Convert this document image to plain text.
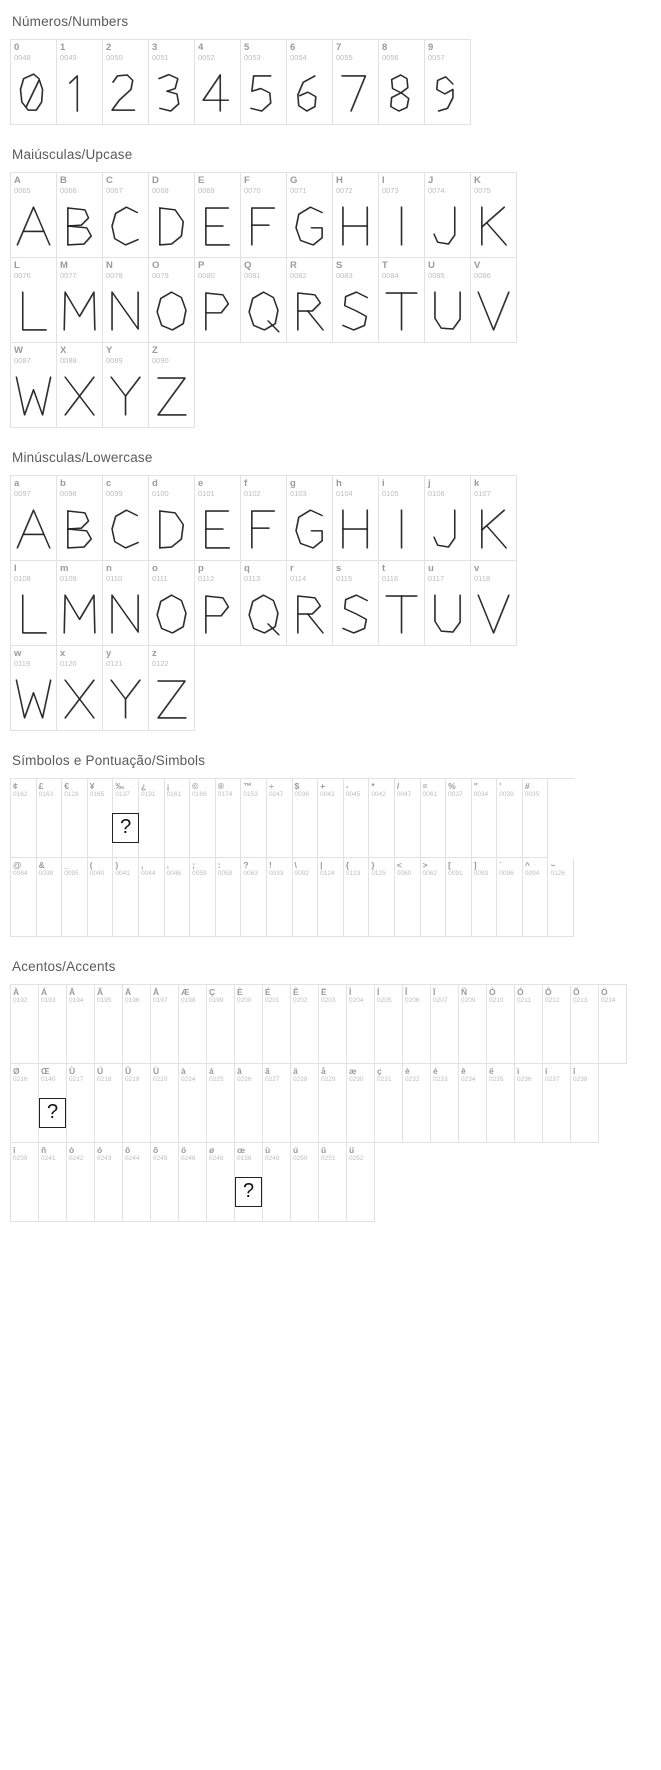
Números/Numbers
0
0048
1
0049
2
0050
3
0051
4
0052
5
0053
6
0054
7
0055
8
0056
9
0057
Maiúsculas/Upcase
A
0065
B
0066
C
0067
D
0068
E
0069
F
0070
G
0071
H
0072
I
0073
J
0074
K
0075
L
0076
M
0077
N
0078
O
0079
P
0080
Q
0081
R
0082
S
0083
T
0084
U
0085
V
0086
W
0087
X
0088
Y
0089
Z
0090
Minúsculas/Lowercase
a
0097
b
0098
c
0099
d
0100
e
0101
f
0102
g
0103
h
0104
i
0105
j
0106
k
0107
l
0108
m
0109
n
0110
o
0111
p
0112
q
0113
r
0114
s
0115
t
0116
u
0117
v
0118
w
0119
x
0120
y
0121
z
0122
Símbolos e Pontuação/Simbols
¢
0162
£
0163
€
0128
¥
0165
‰
0137
?
¿
0191
¡
0161
©
0169
®
0174
™
0153
÷
0247
$
0036
+
0043
-
0045
*
0042
/
0047
=
0061
%
0037
"
0034
'
0039
#
0035
@
0064
&
0038
_
0095
(
0040
)
0041
,
0044
.
0046
;
0059
:
0058
?
0063
!
0033
\
0092
|
0124
{
0123
}
0125
<
0060
>
0062
[
0091
]
0093
`
0096
^
0094
~
0126
Acentos/Accents
À
0192
Á
0193
Â
0194
Ã
0195
Ä
0196
Å
0197
Æ
0198
Ç
0199
È
0200
É
0201
Ê
0202
Ë
0203
Ì
0204
Í
0205
Î
0206
Ï
0207
Ñ
0209
Ò
0210
Ó
0211
Ô
0212
Õ
0213
Ö
0214
Ø
0216
Œ
0140
?
Ù
0217
Ú
0218
Û
0219
Ü
0220
à
0224
á
0225
â
0226
ã
0227
ä
0228
å
0229
æ
0230
ç
0231
è
0232
é
0233
ê
0234
ë
0235
ì
0236
í
0237
î
0238
ï
0239
ñ
0241
ò
0242
ó
0243
ô
0244
õ
0245
ö
0246
ø
0248
œ
0156
?
ù
0249
ú
0250
û
0251
ü
0252
